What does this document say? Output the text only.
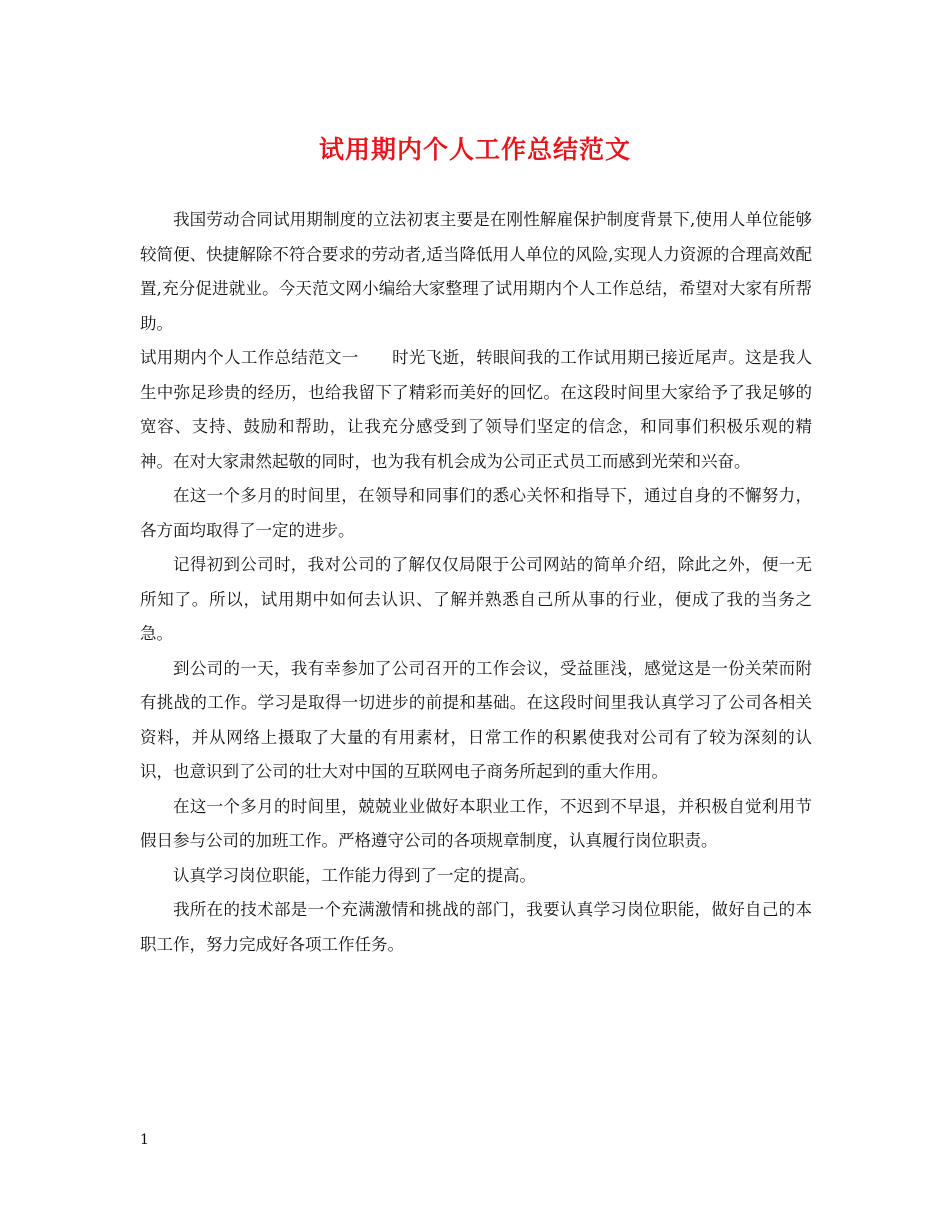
试用期内个人工作总结范文

我国劳动合同试用期制度的立法初衷主要是在刚性解雇保护制度背景下,使用人单位能够较简便、快捷解除不符合要求的劳动者,适当降低用人单位的风险,实现人力资源的合理高效配置,充分促进就业。今天范文网小编给大家整理了试用期内个人工作总结，希望对大家有所帮助。

试用期内个人工作总结范文一　　时光飞逝，转眼间我的工作试用期已接近尾声。这是我人生中弥足珍贵的经历，也给我留下了精彩而美好的回忆。在这段时间里大家给予了我足够的宽容、支持、鼓励和帮助，让我充分感受到了领导们坚定的信念，和同事们积极乐观的精神。在对大家肃然起敬的同时，也为我有机会成为公司正式员工而感到光荣和兴奋。

在这一个多月的时间里，在领导和同事们的悉心关怀和指导下，通过自身的不懈努力，各方面均取得了一定的进步。

记得初到公司时，我对公司的了解仅仅局限于公司网站的简单介绍，除此之外，便一无所知了。所以，试用期中如何去认识、了解并熟悉自己所从事的行业，便成了我的当务之急。

到公司的一天，我有幸参加了公司召开的工作会议，受益匪浅，感觉这是一份关荣而附有挑战的工作。学习是取得一切进步的前提和基础。在这段时间里我认真学习了公司各相关资料，并从网络上摄取了大量的有用素材，日常工作的积累使我对公司有了较为深刻的认识，也意识到了公司的壮大对中国的互联网电子商务所起到的重大作用。

在这一个多月的时间里，兢兢业业做好本职业工作，不迟到不早退，并积极自觉利用节假日参与公司的加班工作。严格遵守公司的各项规章制度，认真履行岗位职责。

认真学习岗位职能，工作能力得到了一定的提高。

我所在的技术部是一个充满激情和挑战的部门，我要认真学习岗位职能，做好自己的本职工作，努力完成好各项工作任务。

1
